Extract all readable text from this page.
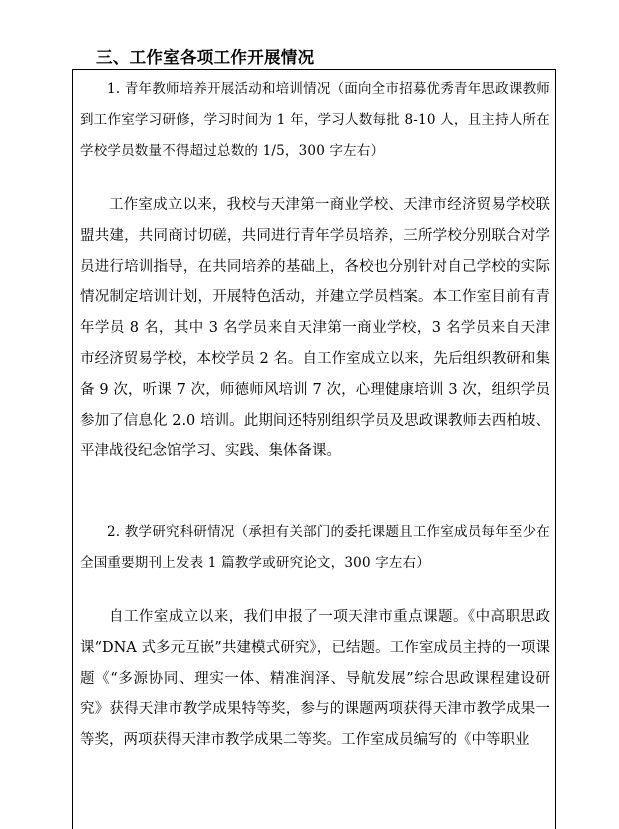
三、工作室各项工作开展情况
1. 青年教师培养开展活动和培训情况（面向全市招募优秀青年思政课教师到工作室学习研修，学习时间为 1 年，学习人数每批 8-10 人，且主持人所在学校学员数量不得超过总数的 1/5，300 字左右）
工作室成立以来，我校与天津第一商业学校、天津市经济贸易学校联盟共建，共同商讨切磋，共同进行青年学员培养，三所学校分别联合对学员进行培训指导，在共同培养的基础上，各校也分别针对自己学校的实际情况制定培训计划，开展特色活动，并建立学员档案。本工作室目前有青年学员 8 名，其中 3 名学员来自天津第一商业学校，3 名学员来自天津市经济贸易学校，本校学员 2 名。自工作室成立以来，先后组织教研和集备 9 次，听课 7 次，师德师风培训 7 次，心理健康培训 3 次，组织学员参加了信息化 2.0 培训。此期间还特别组织学员及思政课教师去西柏坡、平津战役纪念馆学习、实践、集体备课。
2. 教学研究科研情况（承担有关部门的委托课题且工作室成员每年至少在全国重要期刊上发表 1 篇教学或研究论文，300 字左右）
自工作室成立以来，我们申报了一项天津市重点课题。《中高职思政课“DNA 式多元互嵌”共建模式研究》，已结题。工作室成员主持的一项课题《“多源协同、理实一体、精准润泽、导航发展”综合思政课程建设研究》获得天津市教学成果特等奖，参与的课题两项获得天津市教学成果一等奖，两项获得天津市教学成果二等奖。工作室成员编写的《中等职业
